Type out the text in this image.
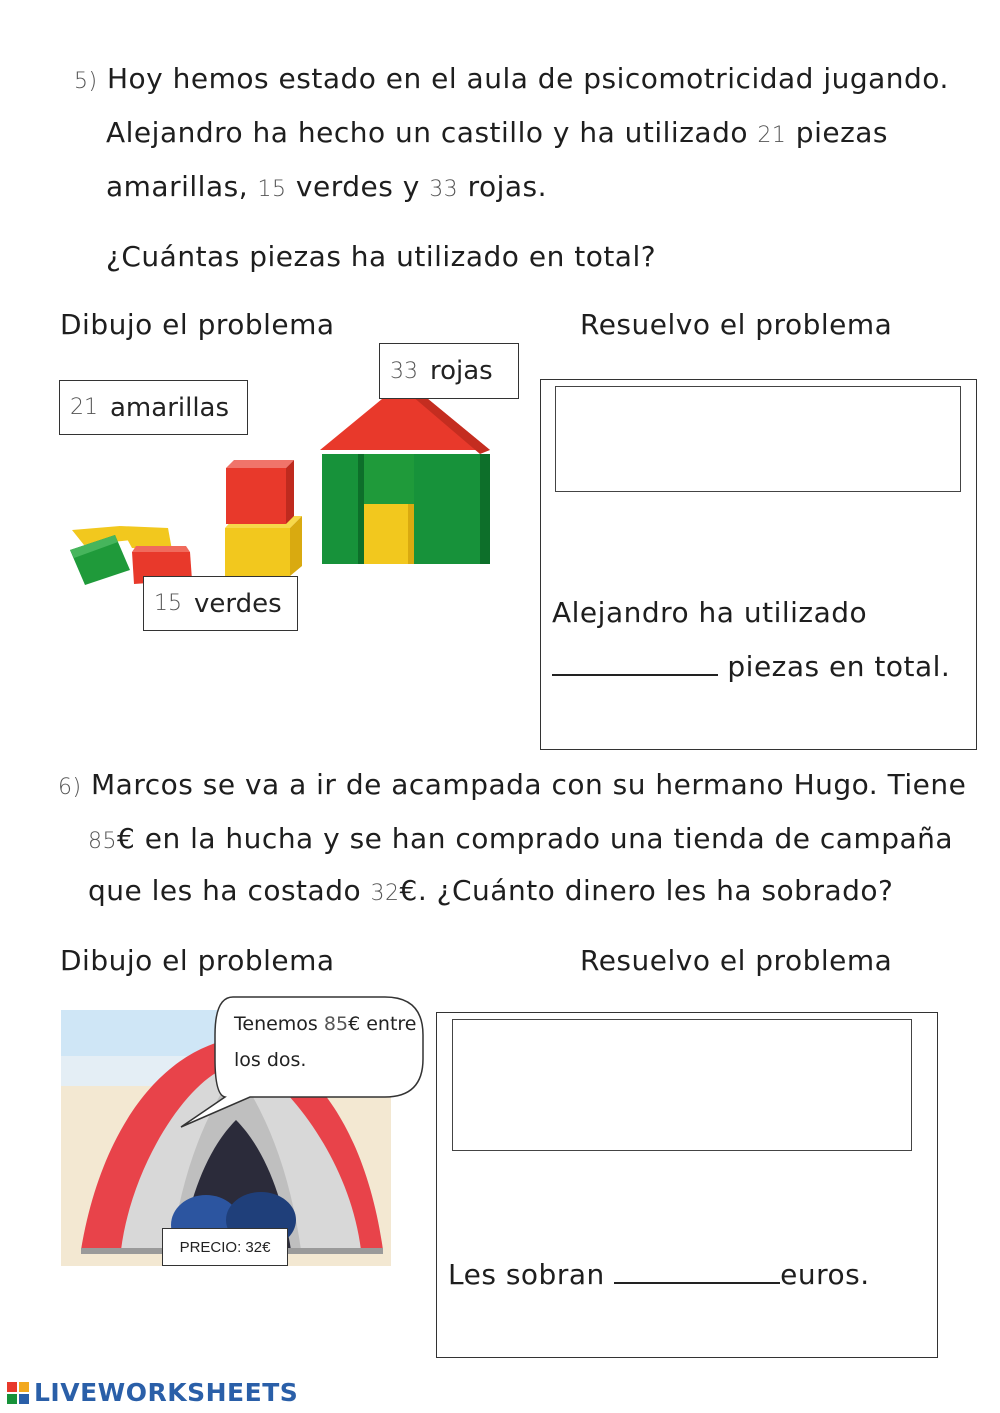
5) Hoy hemos estado en el aula de psicomotricidad jugando.
Alejandro ha hecho un castillo y ha utilizado 21 piezas
amarillas, 15 verdes y 33 rojas.
¿Cuántas piezas ha utilizado en total?
Dibujo el problema	Resuelvo el problema
21 amarillas
33 rojas
15 verdes	Alejandro ha utilizado
piezas en total.
6) Marcos se va a ir de acampada con su hermano Hugo. Tiene
85€ en la hucha y se han comprado una tienda de campaña
que les ha costado 32€. ¿Cuánto dinero les ha sobrado?
Dibujo el problema	Resuelvo el problema
Tenemos 85€ entre
los dos.
PRECIO: 32€
Les sobran	euros.
LIVEWORKSHEETS
